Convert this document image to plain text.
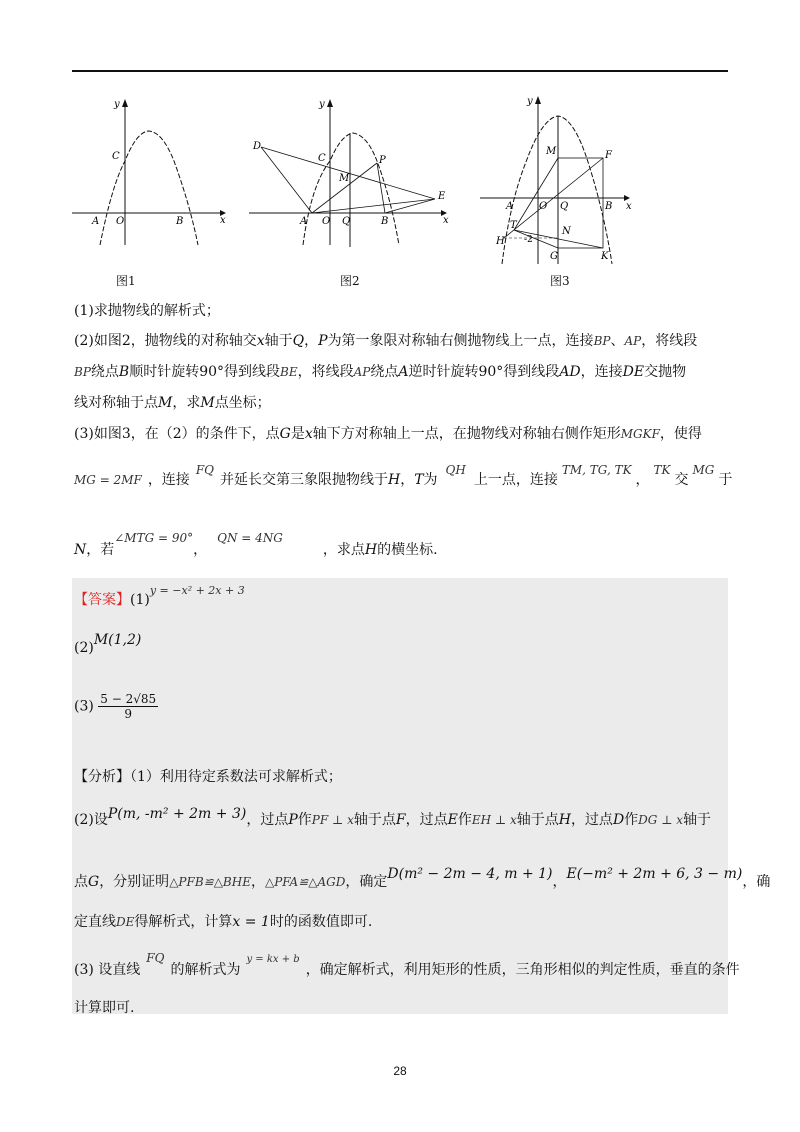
y
x
C
A O	B
图1
y
x
D
C	P
M
E
A O Q	B
图2
y
x
M	F
A	O Q	B
T
-2
H
N
G	K
图3
(1)求抛物线的解析式；
(2)如图2，抛物线的对称轴交x轴于Q，P为第一象限对称轴右侧抛物线上一点，连接BP、AP，将线段
BP绕点B顺时针旋转90°得到线段BE，将线段AP绕点A逆时针旋转90°得到线段AD，连接DE交抛物
线对称轴于点M，求M点坐标；
(3)如图3，在（2）的条件下，点G是x轴下方对称轴上一点，在抛物线对称轴右侧作矩形MGKF，使得
MG = 2MF ，连接FQ并延长交第三象限抛物线于H，T为QH上一点，连接TM, TG, TK，TK交MG于
N，若∠MTG = 90°，QN = 4NG，求点H的横坐标.
【答案】$(1)^{y = -x^2 + 2x + 3}$
(2)M(1,2)
$(3) \frac{5 - 2√85}{9}$
【分析】（1）利用待定系数法可求解析式；
(2)设P(m, -m² + 2m + 3)，过点P作PF ⊥ x轴于点F，过点E作EH ⊥ x轴于点H，过点D作DG ⊥ x轴于
点G，分别证明△PFB≌△BHE，△PFA≌△AGD，确定D(m² − 2m − 4, m + 1)，E(−m² + 2m + 6, 3 − m)，确
定直线DE得解析式，计算x = 1时的函数值即可.
(3) 设直线FQ的解析式为$^{y = kx + b}$，确定解析式，利用矩形的性质，三角形相似的判定性质，垂直的条件
计算即可.
28
